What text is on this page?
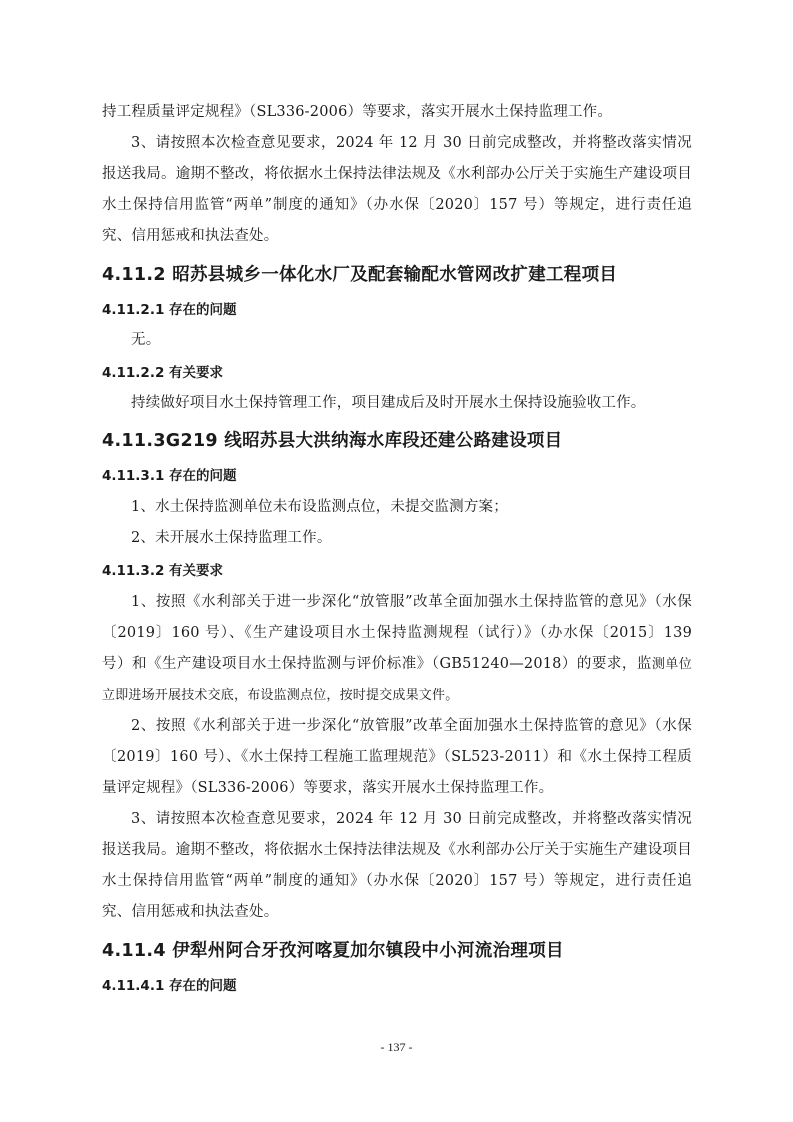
持工程质量评定规程》（SL336-2006）等要求，落实开展水土保持监理工作。

3、请按照本次检查意见要求，2024 年 12 月 30 日前完成整改，并将整改落实情况报送我局。逾期不整改，将依据水土保持法律法规及《水利部办公厅关于实施生产建设项目水土保持信用监管“两单”制度的通知》（办水保〔2020〕157 号）等规定，进行责任追究、信用惩戒和执法查处。

4.11.2 昭苏县城乡一体化水厂及配套输配水管网改扩建工程项目
4.11.2.1 存在的问题

无。

4.11.2.2 有关要求

持续做好项目水土保持管理工作，项目建成后及时开展水土保持设施验收工作。

4.11.3G219 线昭苏县大洪纳海水库段还建公路建设项目
4.11.3.1 存在的问题

1、水土保持监测单位未布设监测点位，未提交监测方案；

2、未开展水土保持监理工作。

4.11.3.2 有关要求

1、按照《水利部关于进一步深化“放管服”改革全面加强水土保持监管的意见》（水保〔2019〕160 号）、《生产建设项目水土保持监测规程（试行）》（办水保〔2015〕139 号）和《生产建设项目水土保持监测与评价标准》（GB51240—2018）的要求，监测单位立即进场开展技术交底，布设监测点位，按时提交成果文件。

2、按照《水利部关于进一步深化“放管服”改革全面加强水土保持监管的意见》（水保〔2019〕160 号）、《水土保持工程施工监理规范》（SL523-2011）和《水土保持工程质量评定规程》（SL336-2006）等要求，落实开展水土保持监理工作。

3、请按照本次检查意见要求，2024 年 12 月 30 日前完成整改，并将整改落实情况报送我局。逾期不整改，将依据水土保持法律法规及《水利部办公厅关于实施生产建设项目水土保持信用监管“两单”制度的通知》（办水保〔2020〕157 号）等规定，进行责任追究、信用惩戒和执法查处。

4.11.4 伊犁州阿合牙孜河喀夏加尔镇段中小河流治理项目
4.11.4.1 存在的问题
- 137 -
